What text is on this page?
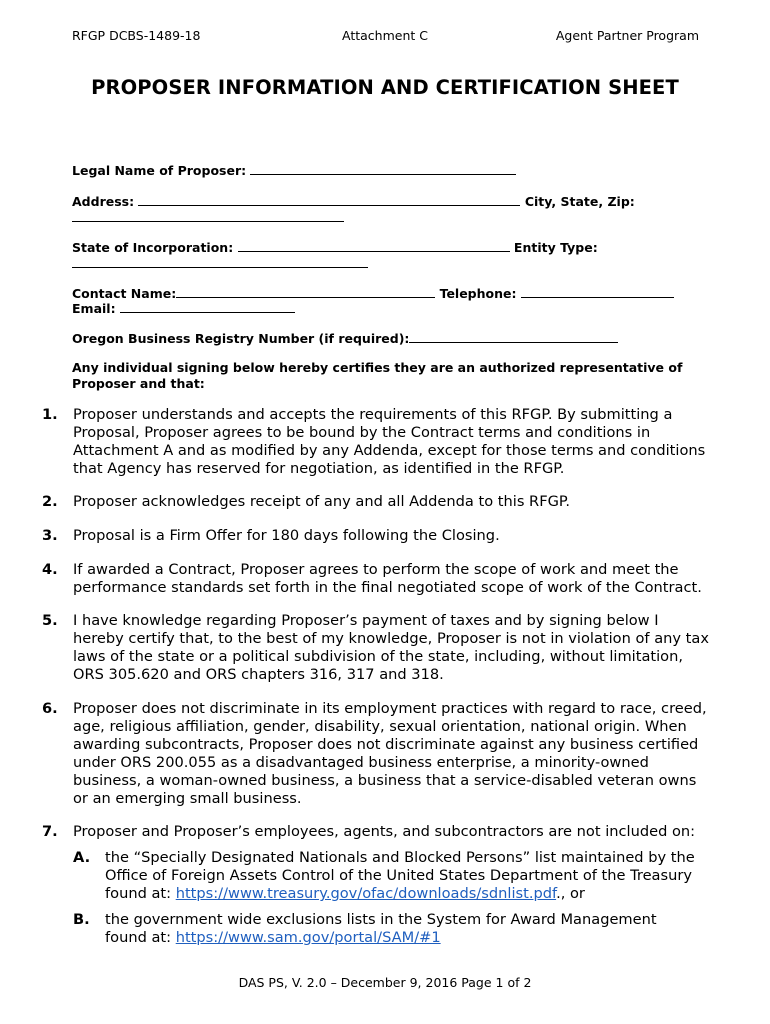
RFGP DCBS-1489-18	Attachment C	Agent Partner Program
PROPOSER INFORMATION AND CERTIFICATION SHEET
Legal Name of Proposer:
Address:	City, State, Zip:
State of Incorporation:	Entity Type:
Contact Name:	Telephone:
Email:
Oregon Business Registry Number (if required):
Any individual signing below hereby certifies they are an authorized representative of Proposer and that:
1. Proposer understands and accepts the requirements of this RFGP. By submitting a Proposal, Proposer agrees to be bound by the Contract terms and conditions in Attachment A and as modified by any Addenda, except for those terms and conditions that Agency has reserved for negotiation, as identified in the RFGP.
2. Proposer acknowledges receipt of any and all Addenda to this RFGP.
3. Proposal is a Firm Offer for 180 days following the Closing.
4. If awarded a Contract, Proposer agrees to perform the scope of work and meet the performance standards set forth in the final negotiated scope of work of the Contract.
5. I have knowledge regarding Proposer’s payment of taxes and by signing below I hereby certify that, to the best of my knowledge, Proposer is not in violation of any tax laws of the state or a political subdivision of the state, including, without limitation, ORS 305.620 and ORS chapters 316, 317 and 318.
6. Proposer does not discriminate in its employment practices with regard to race, creed, age, religious affiliation, gender, disability, sexual orientation, national origin. When awarding subcontracts, Proposer does not discriminate against any business certified under ORS 200.055 as a disadvantaged business enterprise, a minority-owned business, a woman-owned business, a business that a service-disabled veteran owns or an emerging small business.
7. Proposer and Proposer’s employees, agents, and subcontractors are not included on:
A. the “Specially Designated Nationals and Blocked Persons” list maintained by the Office of Foreign Assets Control of the United States Department of the Treasury found at: https://www.treasury.gov/ofac/downloads/sdnlist.pdf., or
B. the government wide exclusions lists in the System for Award Management found at: https://www.sam.gov/portal/SAM/#1
DAS PS, V. 2.0 – December 9, 2016 Page 1 of 2
